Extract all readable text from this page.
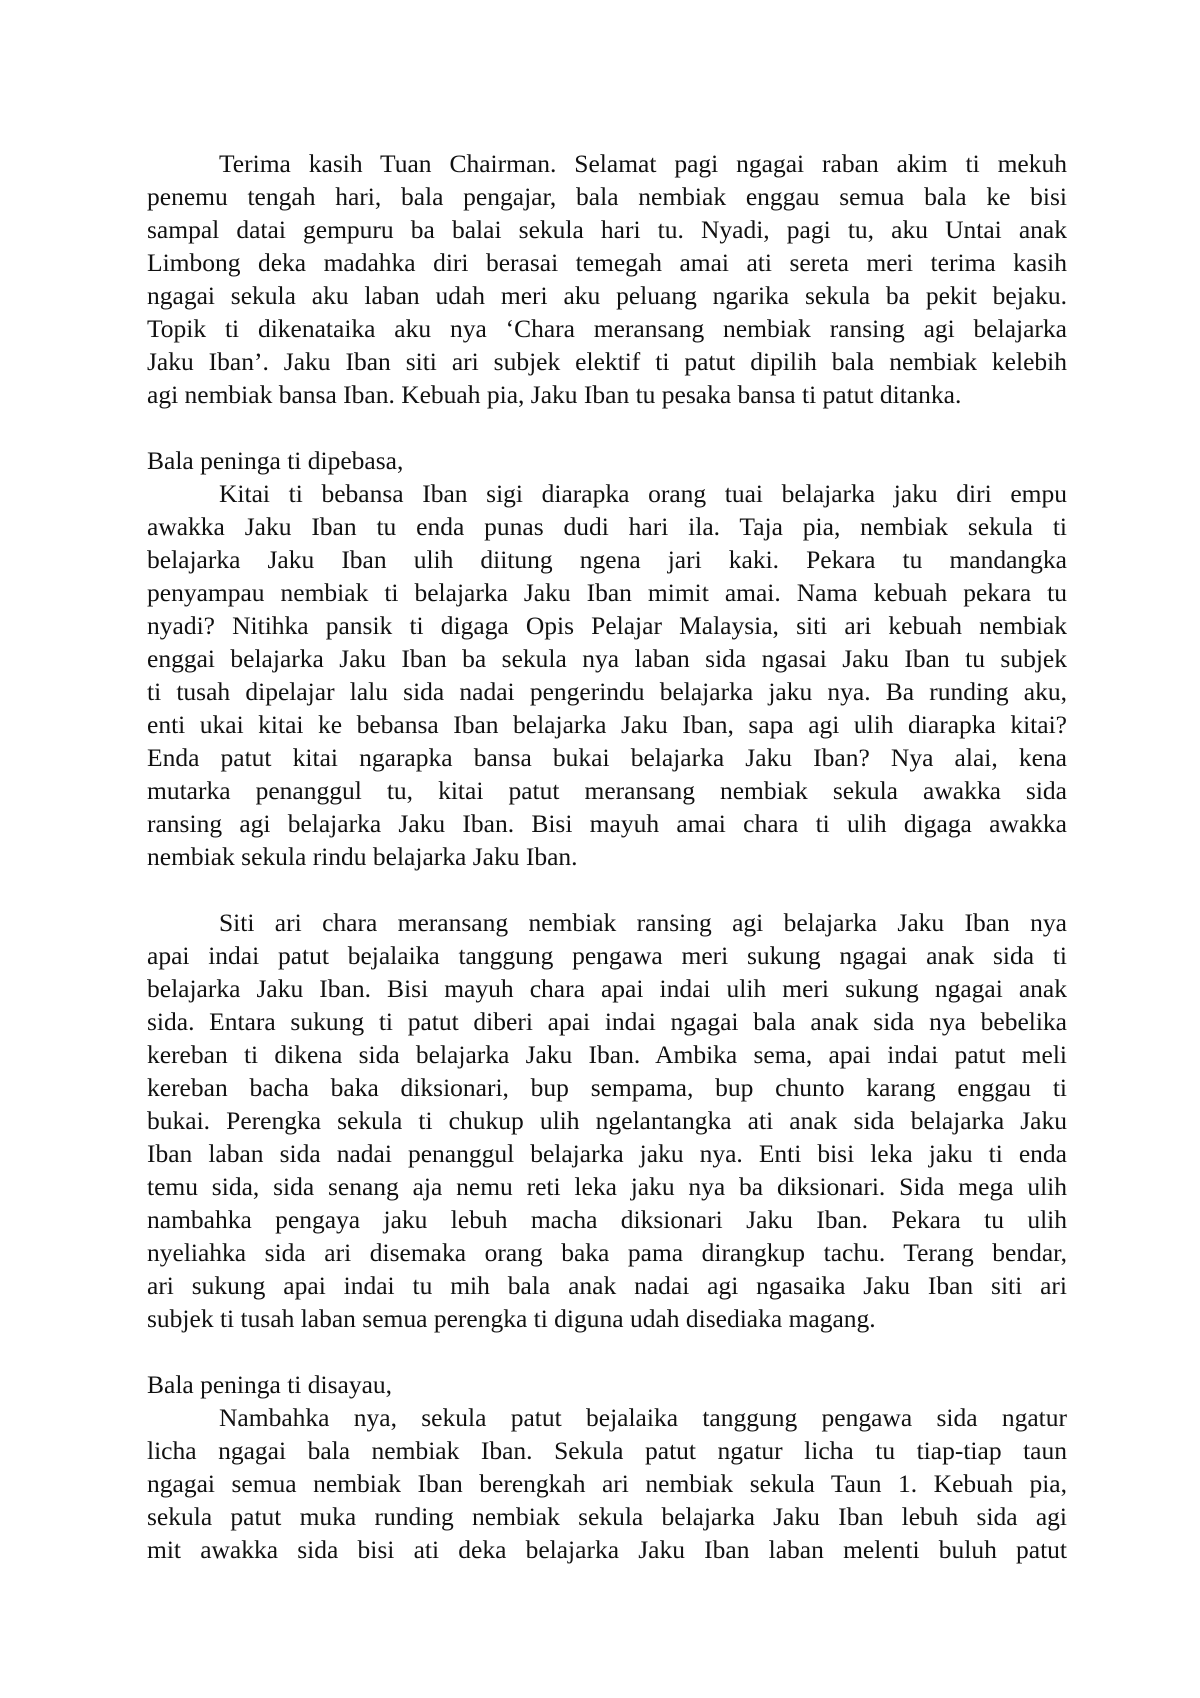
Terima kasih Tuan Chairman. Selamat pagi ngagai raban akim ti mekuh
penemu tengah hari, bala pengajar, bala nembiak enggau semua bala ke bisi
sampal datai gempuru ba balai sekula hari tu. Nyadi, pagi tu, aku Untai anak
Limbong deka madahka diri berasai temegah amai ati sereta meri terima kasih
ngagai sekula aku laban udah meri aku peluang ngarika sekula ba pekit bejaku.
Topik ti dikenataika aku nya ‘Chara meransang nembiak ransing agi belajarka
Jaku Iban’. Jaku Iban siti ari subjek elektif ti patut dipilih bala nembiak kelebih
agi nembiak bansa Iban. Kebuah pia, Jaku Iban tu pesaka bansa ti patut ditanka.
Bala peninga ti dipebasa,
Kitai ti bebansa Iban sigi diarapka orang tuai belajarka jaku diri empu
awakka Jaku Iban tu enda punas dudi hari ila. Taja pia, nembiak sekula ti
belajarka Jaku Iban ulih diitung ngena jari kaki. Pekara tu mandangka
penyampau nembiak ti belajarka Jaku Iban mimit amai. Nama kebuah pekara tu
nyadi? Nitihka pansik ti digaga Opis Pelajar Malaysia, siti ari kebuah nembiak
enggai belajarka Jaku Iban ba sekula nya laban sida ngasai Jaku Iban tu subjek
ti tusah dipelajar lalu sida nadai pengerindu belajarka jaku nya. Ba runding aku,
enti ukai kitai ke bebansa Iban belajarka Jaku Iban, sapa agi ulih diarapka kitai?
Enda patut kitai ngarapka bansa bukai belajarka Jaku Iban? Nya alai, kena
mutarka penanggul tu, kitai patut meransang nembiak sekula awakka sida
ransing agi belajarka Jaku Iban. Bisi mayuh amai chara ti ulih digaga awakka
nembiak sekula rindu belajarka Jaku Iban.
Siti ari chara meransang nembiak ransing agi belajarka Jaku Iban nya
apai indai patut bejalaika tanggung pengawa meri sukung ngagai anak sida ti
belajarka Jaku Iban. Bisi mayuh chara apai indai ulih meri sukung ngagai anak
sida. Entara sukung ti patut diberi apai indai ngagai bala anak sida nya bebelika
kereban ti dikena sida belajarka Jaku Iban. Ambika sema, apai indai patut meli
kereban bacha baka diksionari, bup sempama, bup chunto karang enggau ti
bukai. Perengka sekula ti chukup ulih ngelantangka ati anak sida belajarka Jaku
Iban laban sida nadai penanggul belajarka jaku nya. Enti bisi leka jaku ti enda
temu sida, sida senang aja nemu reti leka jaku nya ba diksionari. Sida mega ulih
nambahka pengaya jaku lebuh macha diksionari Jaku Iban. Pekara tu ulih
nyeliahka sida ari disemaka orang baka pama dirangkup tachu. Terang bendar,
ari sukung apai indai tu mih bala anak nadai agi ngasaika Jaku Iban siti ari
subjek ti tusah laban semua perengka ti diguna udah disediaka magang.
Bala peninga ti disayau,
Nambahka nya, sekula patut bejalaika tanggung pengawa sida ngatur
licha ngagai bala nembiak Iban. Sekula patut ngatur licha tu tiap-tiap taun
ngagai semua nembiak Iban berengkah ari nembiak sekula Taun 1. Kebuah pia,
sekula patut muka runding nembiak sekula belajarka Jaku Iban lebuh sida agi
mit awakka sida bisi ati deka belajarka Jaku Iban laban melenti buluh patut
